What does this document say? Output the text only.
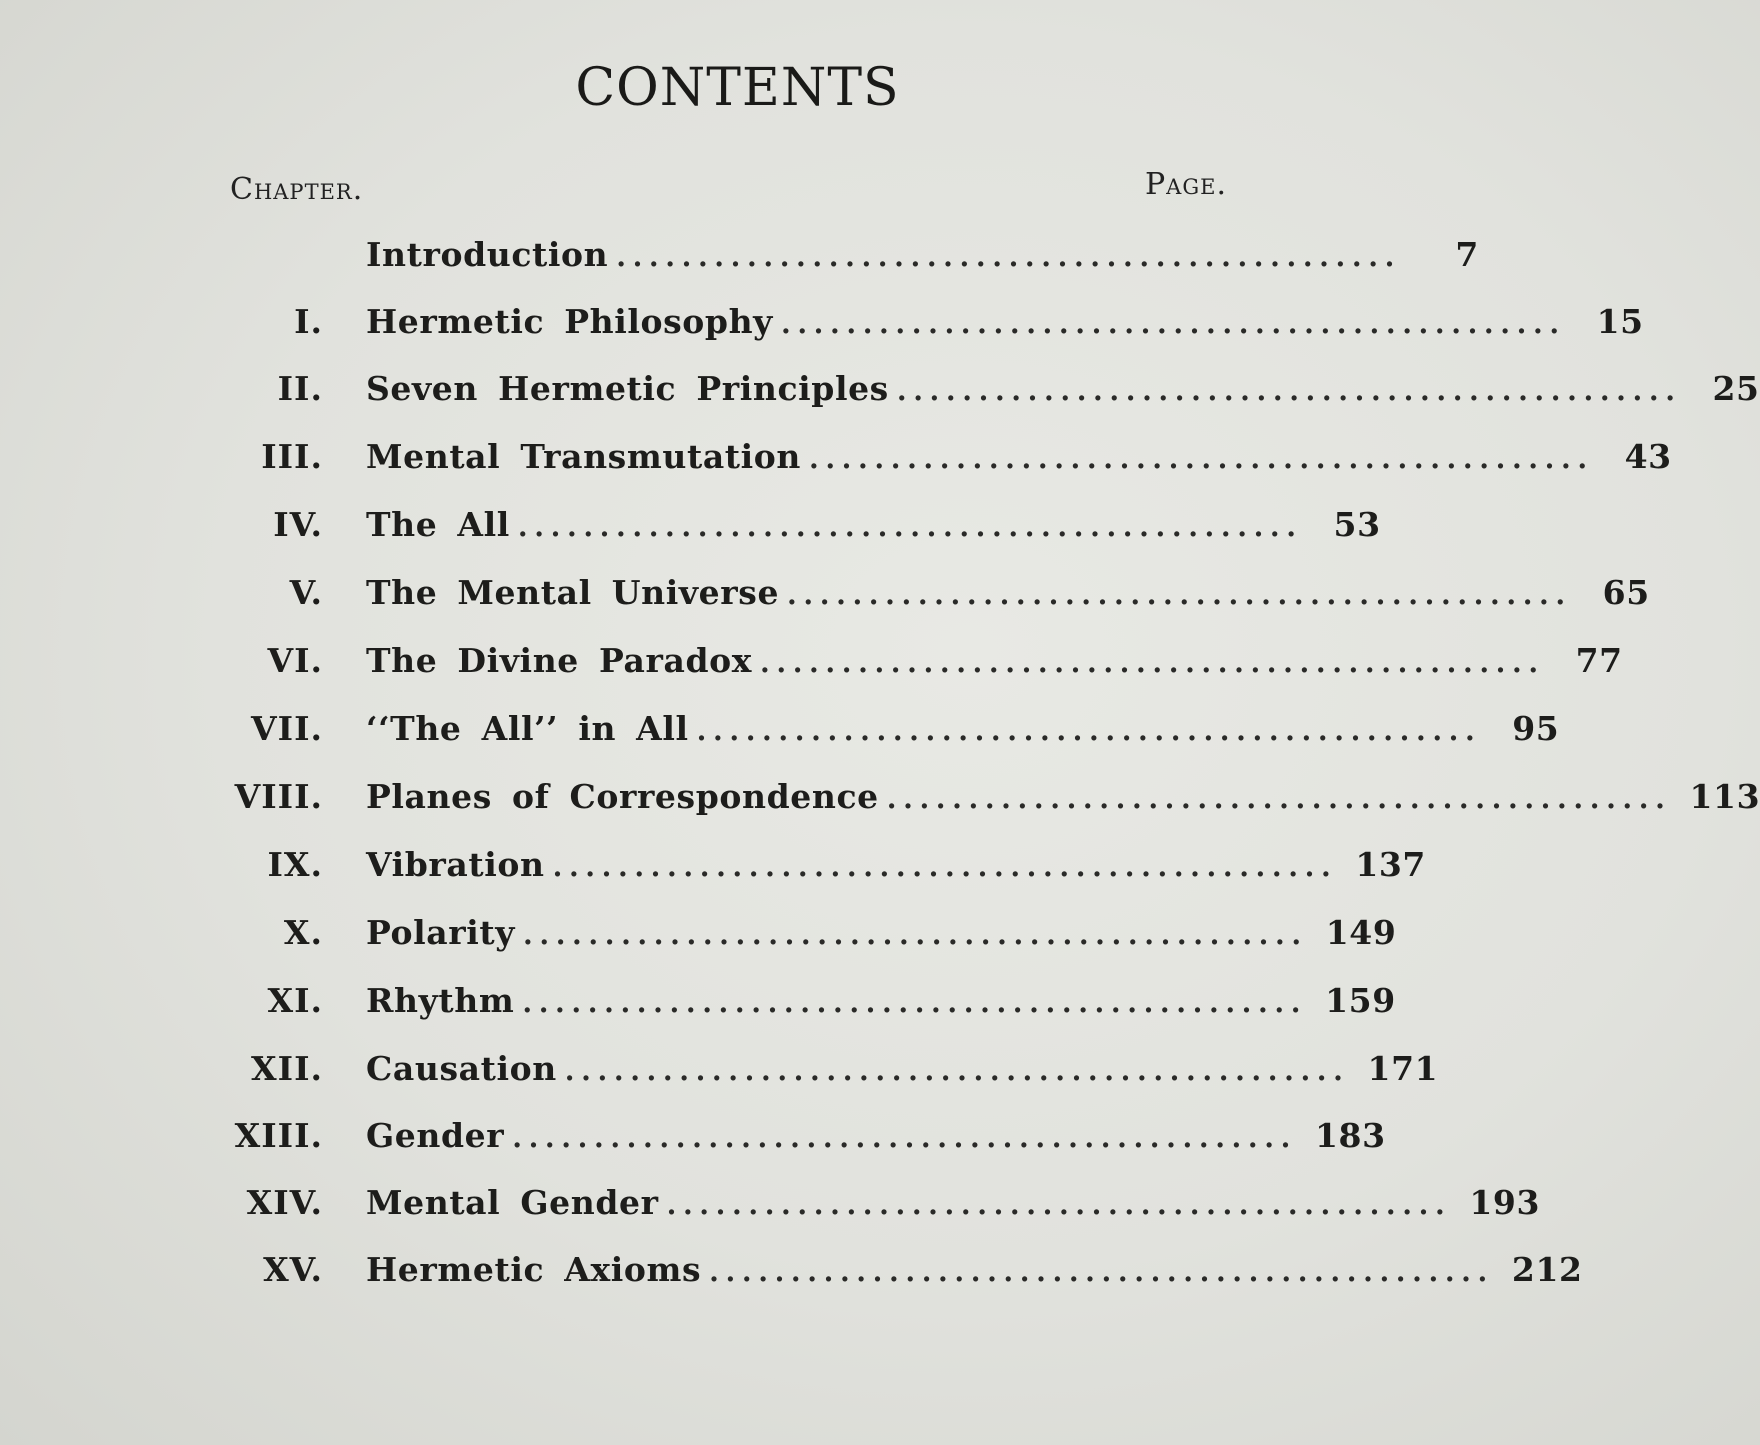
CONTENTS
Chapter.	Page.
Introduction ................................................	7
I. Hermetic Philosophy ................................................ 15
II. Seven Hermetic Principles ................................................ 25
III. Mental Transmutation ................................................ 43
IV. The All ................................................ 53
V. The Mental Universe ................................................ 65
VI. The Divine Paradox ................................................ 77
VII. ‘‘The All’’ in All ................................................ 95
VIII. Planes of Correspondence ................................................ 113
IX. Vibration ................................................ 137
X. Polarity ................................................ 149
XI. Rhythm ................................................ 159
XII. Causation ................................................ 171
XIII. Gender ................................................ 183
XIV. Mental Gender ................................................ 193
XV. Hermetic Axioms ................................................ 212
